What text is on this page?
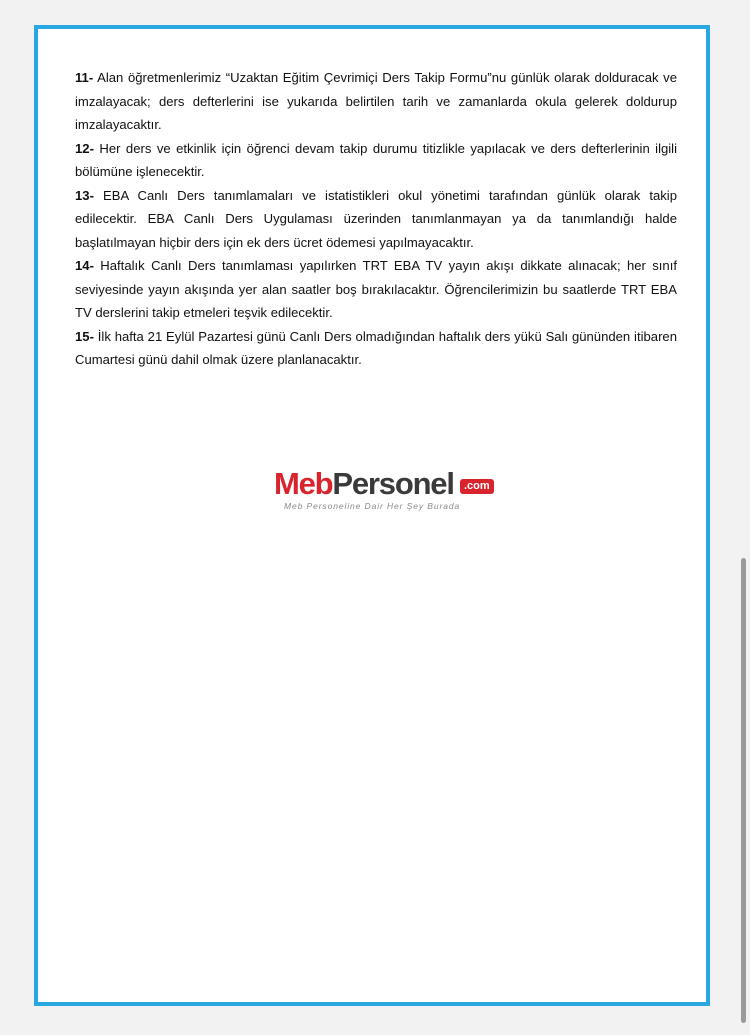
11- Alan öğretmenlerimiz “Uzaktan Eğitim Çevrimiçi Ders Takip Formu”nu günlük olarak dolduracak ve imzalayacak; ders defterlerini ise yukarıda belirtilen tarih ve zamanlarda okula gelerek doldurup imzalayacaktır.

12- Her ders ve etkinlik için öğrenci devam takip durumu titizlikle yapılacak ve ders defterlerinin ilgili bölümüne işlenecektir.

13- EBA Canlı Ders tanımlamaları ve istatistikleri okul yönetimi tarafından günlük olarak takip edilecektir. EBA Canlı Ders Uygulaması üzerinden tanımlanmayan ya da tanımlandığı halde başlatılmayan hiçbir ders için ek ders ücret ödemesi yapılmayacaktır.

14- Haftalık Canlı Ders tanımlaması yapılırken TRT EBA TV yayın akışı dikkate alınacak; her sınıf seviyesinde yayın akışında yer alan saatler boş bırakılacaktır. Öğrencilerimizin bu saatlerde TRT EBA TV derslerini takip etmeleri teşvik edilecektir.

15- İlk hafta 21 Eylül Pazartesi günü Canlı Ders olmadığından haftalık ders yükü Salı gününden itibaren Cumartesi günü dahil olmak üzere planlanacaktır.

MebPersonel .com
Meb Personeline Dair Her Şey Burada
